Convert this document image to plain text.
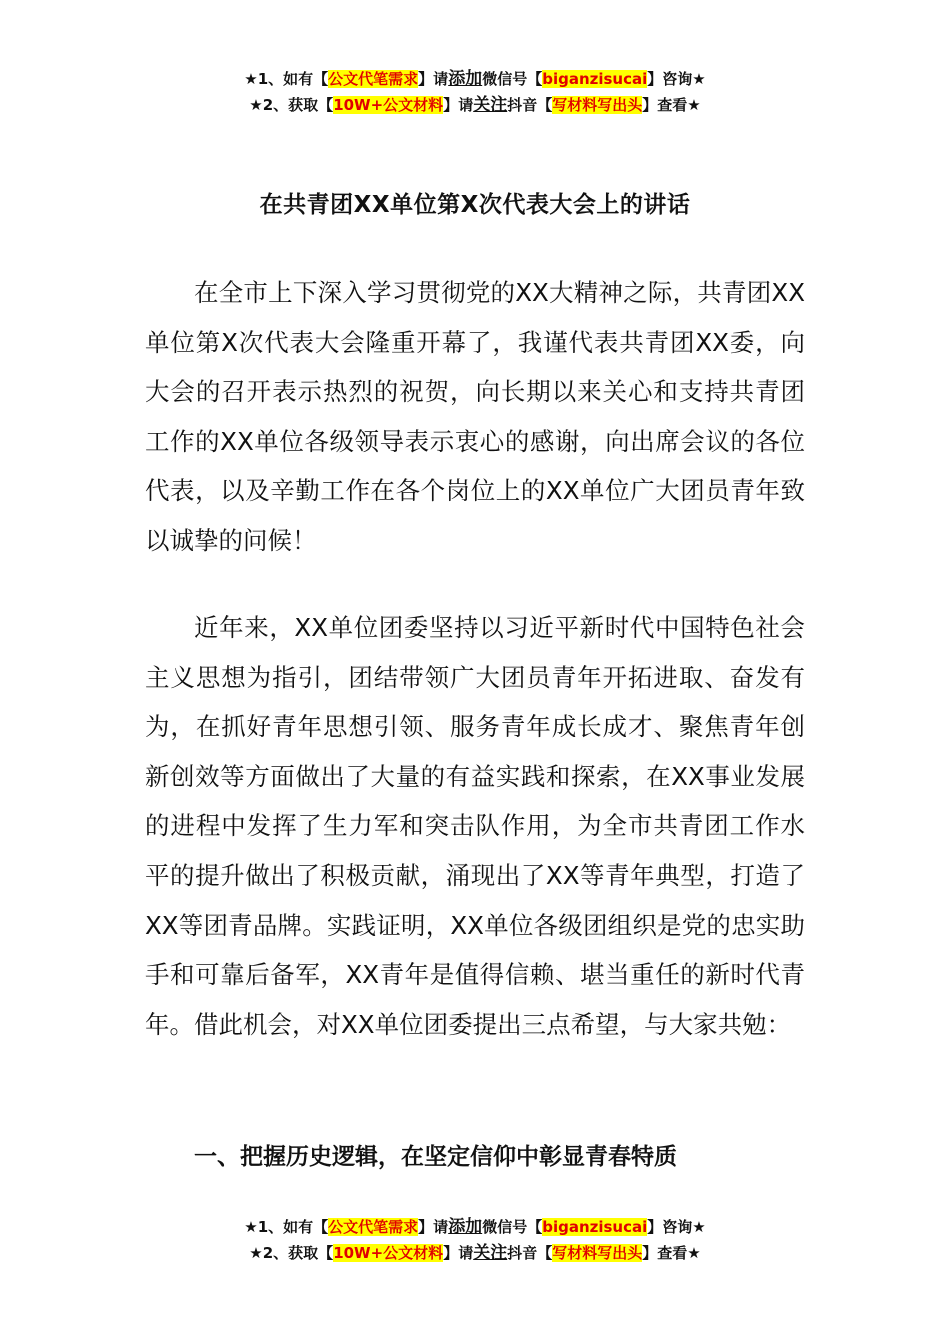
★1、如有【公文代笔需求】请添加微信号【biganzisucai】咨询★
★2、获取【10W+公文材料】请关注抖音【写材料写出头】查看★
在共青团XX单位第X次代表大会上的讲话

在全市上下深入学习贯彻党的XX大精神之际，共青团XX单位第X次代表大会隆重开幕了，我谨代表共青团XX委，向大会的召开表示热烈的祝贺，向长期以来关心和支持共青团工作的XX单位各级领导表示衷心的感谢，向出席会议的各位代表，以及辛勤工作在各个岗位上的XX单位广大团员青年致以诚挚的问候！

近年来，XX单位团委坚持以习近平新时代中国特色社会主义思想为指引，团结带领广大团员青年开拓进取、奋发有为，在抓好青年思想引领、服务青年成长成才、聚焦青年创新创效等方面做出了大量的有益实践和探索，在XX事业发展的进程中发挥了生力军和突击队作用，为全市共青团工作水平的提升做出了积极贡献，涌现出了XX等青年典型，打造了XX等团青品牌。实践证明，XX单位各级团组织是党的忠实助手和可靠后备军，XX青年是值得信赖、堪当重任的新时代青年。借此机会，对XX单位团委提出三点希望，与大家共勉：

一、把握历史逻辑，在坚定信仰中彰显青春特质
★1、如有【公文代笔需求】请添加微信号【biganzisucai】咨询★
★2、获取【10W+公文材料】请关注抖音【写材料写出头】查看★
